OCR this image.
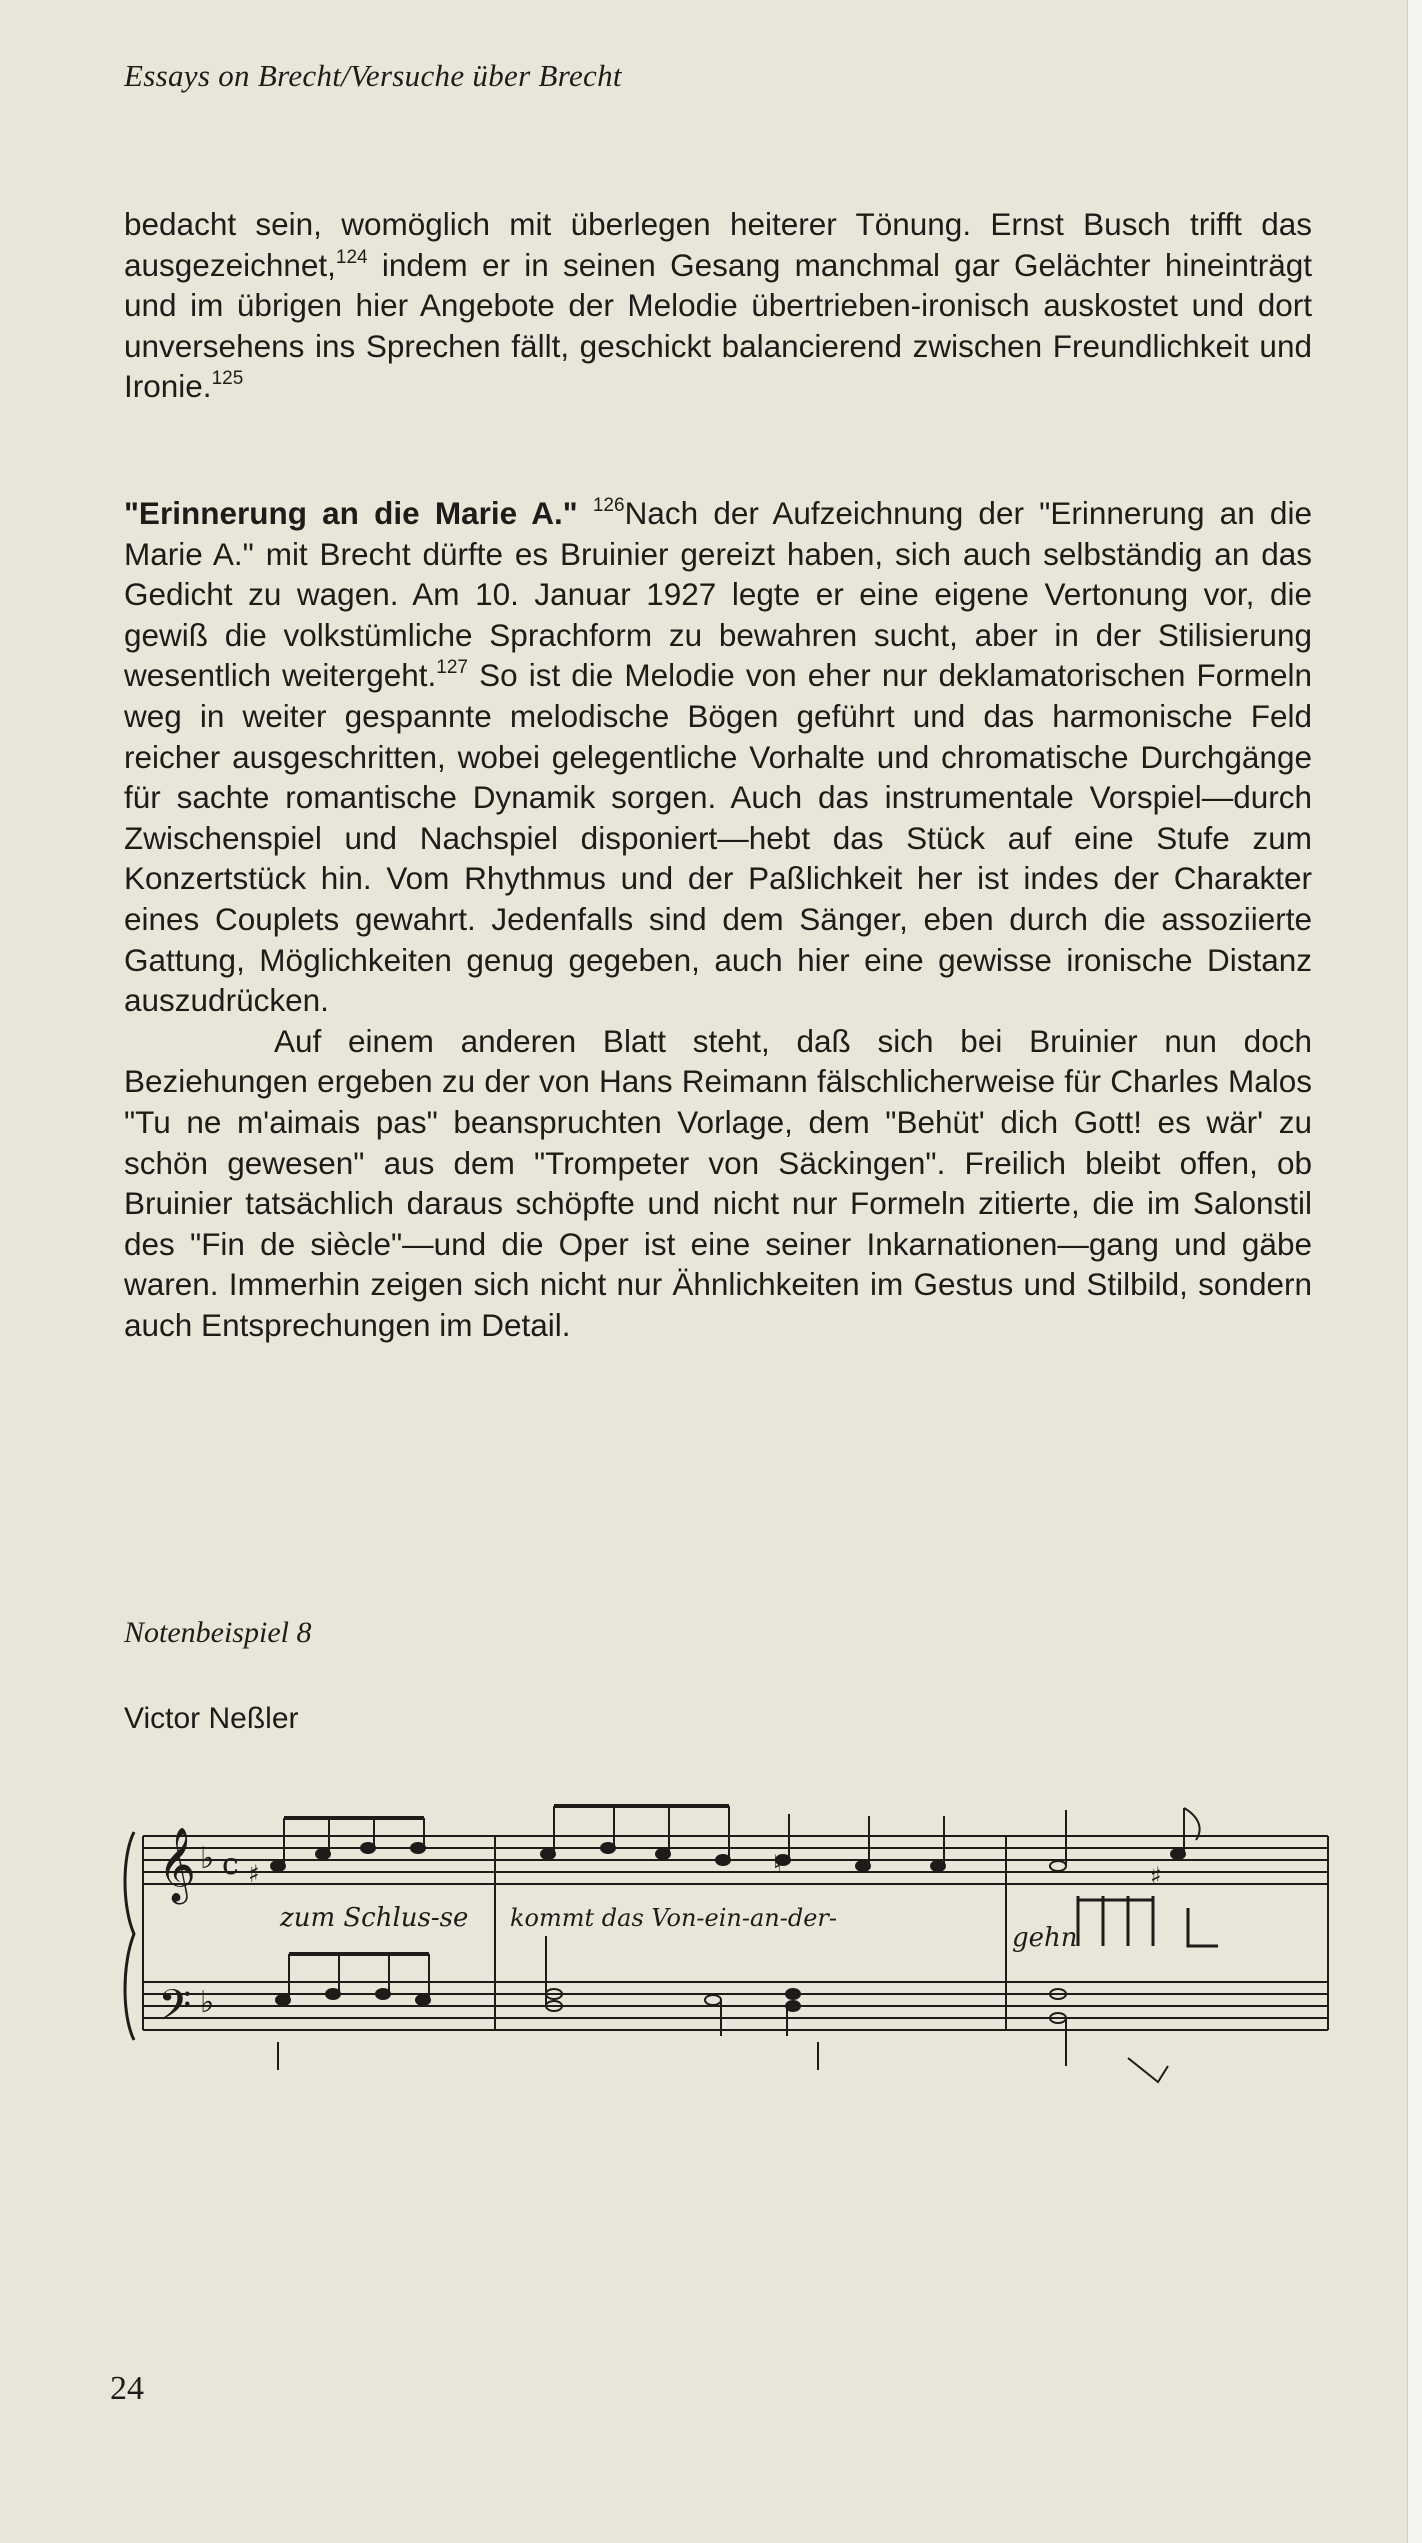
Essays on Brecht/Versuche über Brecht

bedacht sein, womöglich mit überlegen heiterer Tönung. Ernst Busch trifft das ausgezeichnet,$^{124}$ indem er in seinen Gesang manchmal gar Gelächter hineinträgt und im übrigen hier Angebote der Melodie übertrieben-ironisch auskostet und dort unversehens ins Sprechen fällt, geschickt balancierend zwischen Freundlichkeit und Ironie.$^{125}$

"Erinnerung an die Marie A." $^{126}$Nach der Aufzeichnung der "Erinnerung an die Marie A." mit Brecht dürfte es Bruinier gereizt haben, sich auch selbständig an das Gedicht zu wagen. Am 10. Januar 1927 legte er eine eigene Vertonung vor, die gewiß die volkstümliche Sprachform zu bewahren sucht, aber in der Stilisierung wesentlich weitergeht.$^{127}$ So ist die Melodie von eher nur deklamatorischen Formeln weg in weiter gespannte melodische Bögen geführt und das harmonische Feld reicher ausgeschritten, wobei gelegentliche Vorhalte und chromatische Durchgänge für sachte romantische Dynamik sorgen. Auch das instrumentale Vorspiel—durch Zwischenspiel und Nachspiel disponiert—hebt das Stück auf eine Stufe zum Konzertstück hin. Vom Rhythmus und der Paßlichkeit her ist indes der Charakter eines Couplets gewahrt. Jedenfalls sind dem Sänger, eben durch die assoziierte Gattung, Möglichkeiten genug gegeben, auch hier eine gewisse ironische Distanz auszudrücken.

Auf einem anderen Blatt steht, daß sich bei Bruinier nun doch Beziehungen ergeben zu der von Hans Reimann fälschlicherweise für Charles Malos "Tu ne m'aimais pas" beanspruchten Vorlage, dem "Behüt' dich Gott! es wär' zu schön gewesen" aus dem "Trompeter von Säckingen". Freilich bleibt offen, ob Bruinier tatsächlich daraus schöpfte und nicht nur Formeln zitierte, die im Salonstil des "Fin de siècle"—und die Oper ist eine seiner Inkarnationen—gang und gäbe waren. Immerhin zeigen sich nicht nur Ähnlichkeiten im Gestus und Stilbild, sondern auch Entsprechungen im Detail.

Notenbeispiel 8
Victor Neßler
𝄞
𝄢
♭
♭
c ♯	♮	♯
zum Schlus-se kommt das Von-ein-an-der-
gehn
24
